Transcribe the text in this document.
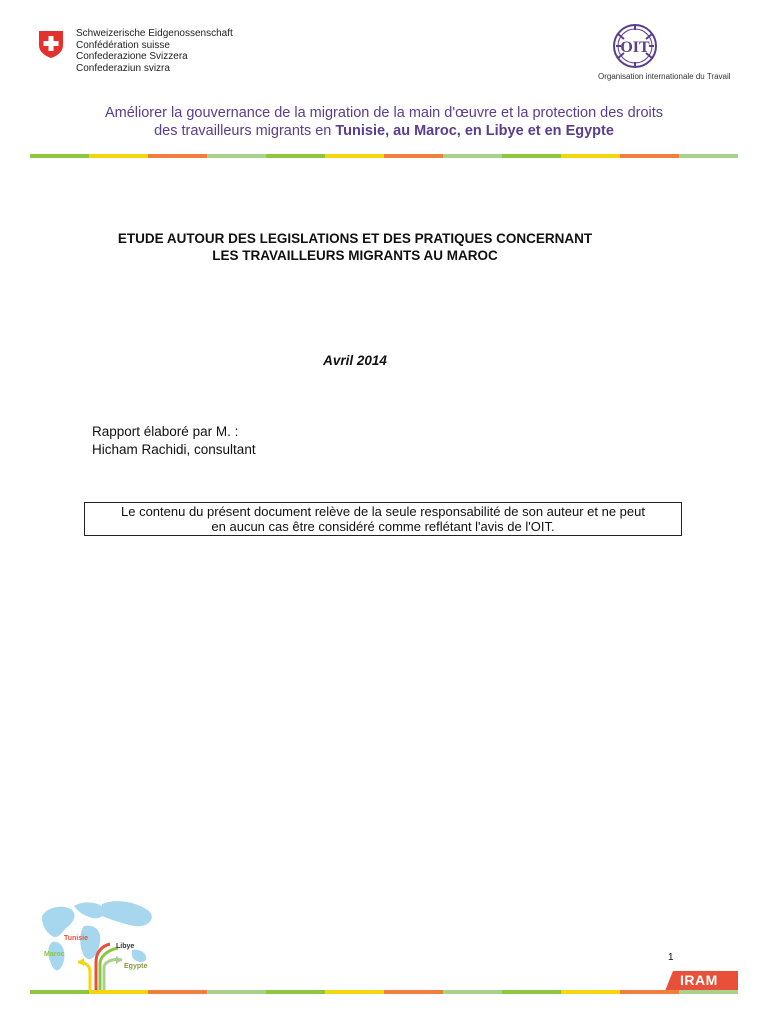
Schweizerische Eidgenossenschaft
Confédération suisse
Confederazione Svizzera
Confederaziun svizra
OIT
Organisation internationale du Travail
Améliorer la gouvernance de la migration de la main d'œuvre et la protection des droits
des travailleurs migrants en Tunisie, au Maroc, en Libye et en Egypte
ETUDE AUTOUR DES LEGISLATIONS ET DES PRATIQUES CONCERNANT
LES TRAVAILLEURS MIGRANTS AU MAROC
Avril 2014
Rapport élaboré par M. :
Hicham Rachidi, consultant
Le contenu du présent document relève de la seule responsabilité de son auteur et ne peut
en aucun cas être considéré comme reflétant l'avis de l'OIT.
Tunisie
Libye
Maroc
Egypte
1
IRAM
